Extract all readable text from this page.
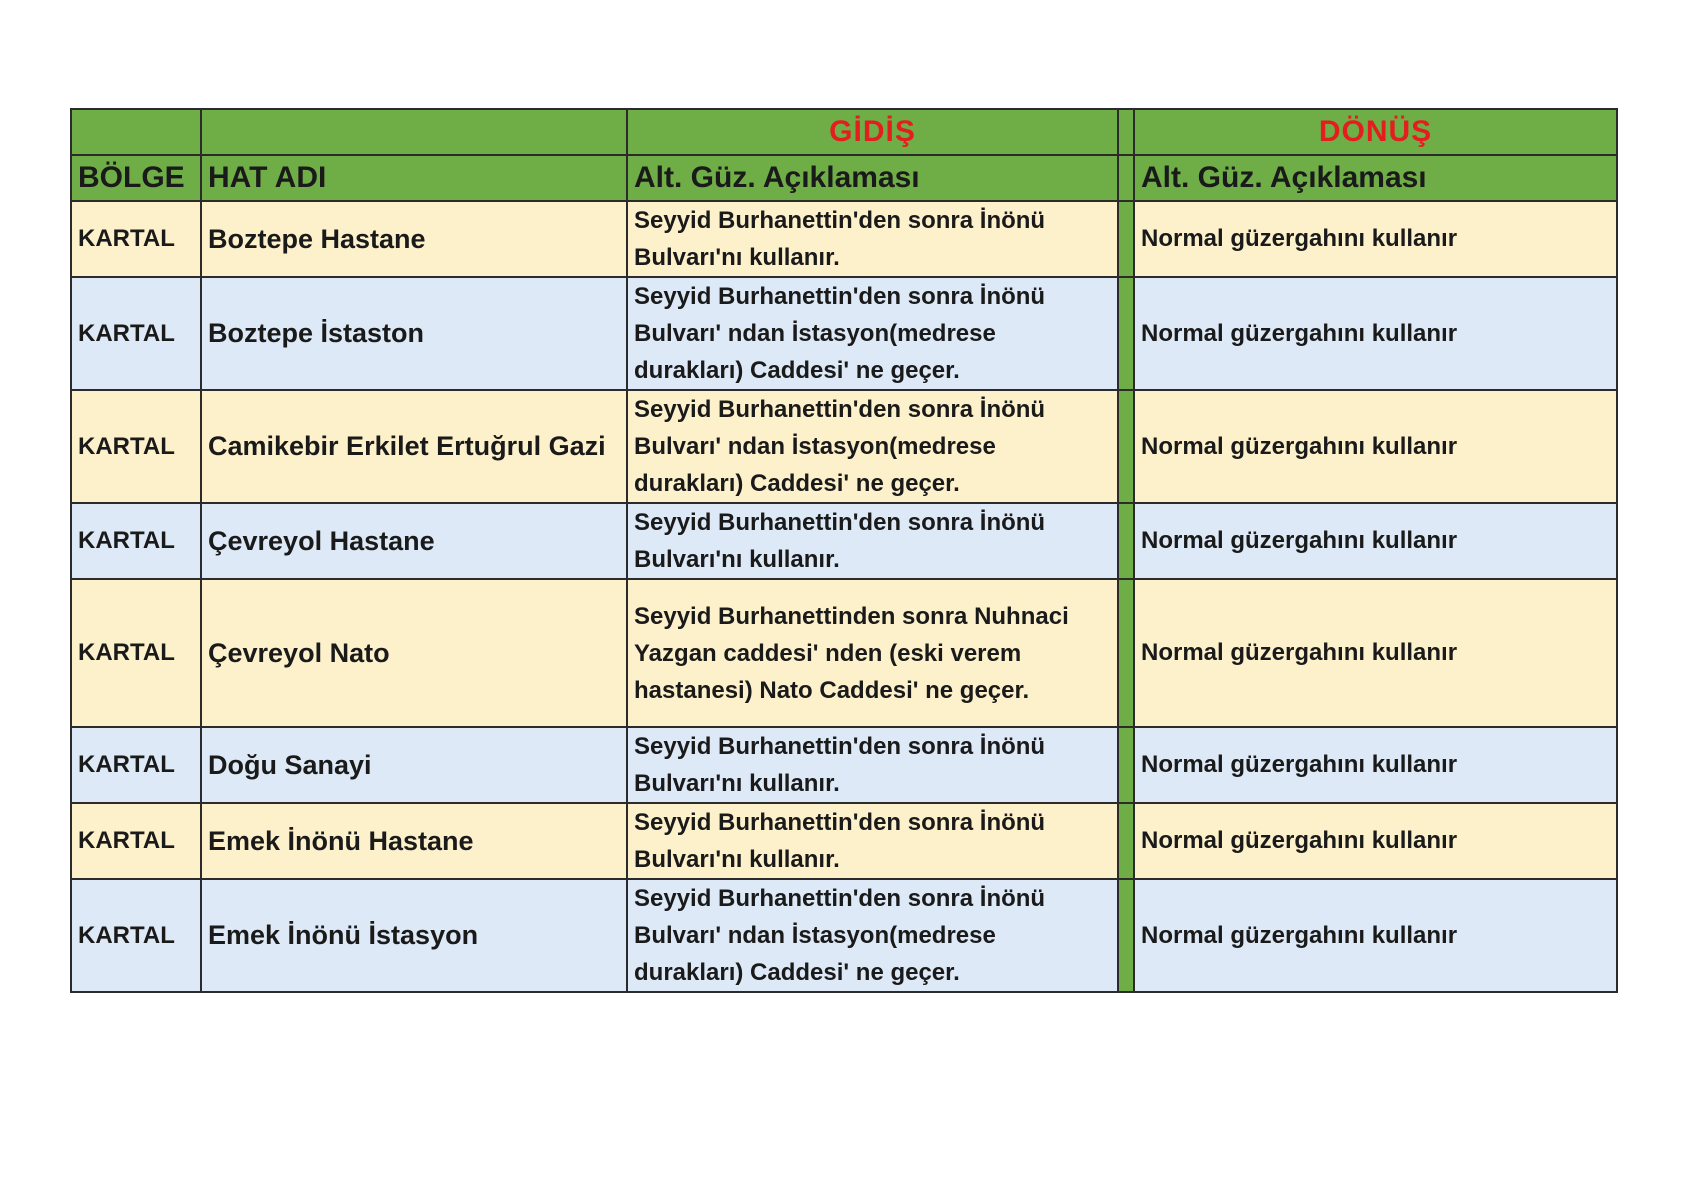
		GİDİŞ		DÖNÜŞ
BÖLGE	HAT ADI	Alt. Güz. Açıklaması		Alt. Güz. Açıklaması
KARTAL	Boztepe Hastane	Seyyid Burhanettin'den sonra İnönü Bulvarı'nı kullanır.		Normal güzergahını kullanır
KARTAL	Boztepe İstaston	Seyyid Burhanettin'den sonra İnönü Bulvarı' ndan İstasyon(medrese durakları) Caddesi' ne geçer.		Normal güzergahını kullanır
KARTAL	Camikebir Erkilet Ertuğrul Gazi	Seyyid Burhanettin'den sonra İnönü Bulvarı' ndan İstasyon(medrese durakları) Caddesi' ne geçer.		Normal güzergahını kullanır
KARTAL	Çevreyol Hastane	Seyyid Burhanettin'den sonra İnönü Bulvarı'nı kullanır.		Normal güzergahını kullanır
KARTAL	Çevreyol Nato	Seyyid Burhanettinden sonra Nuhnaci Yazgan caddesi' nden (eski verem hastanesi) Nato Caddesi' ne geçer.		Normal güzergahını kullanır
KARTAL	Doğu Sanayi	Seyyid Burhanettin'den sonra İnönü Bulvarı'nı kullanır.		Normal güzergahını kullanır
KARTAL	Emek İnönü Hastane	Seyyid Burhanettin'den sonra İnönü Bulvarı'nı kullanır.		Normal güzergahını kullanır
KARTAL	Emek İnönü İstasyon	Seyyid Burhanettin'den sonra İnönü Bulvarı' ndan İstasyon(medrese durakları) Caddesi' ne geçer.		Normal güzergahını kullanır
